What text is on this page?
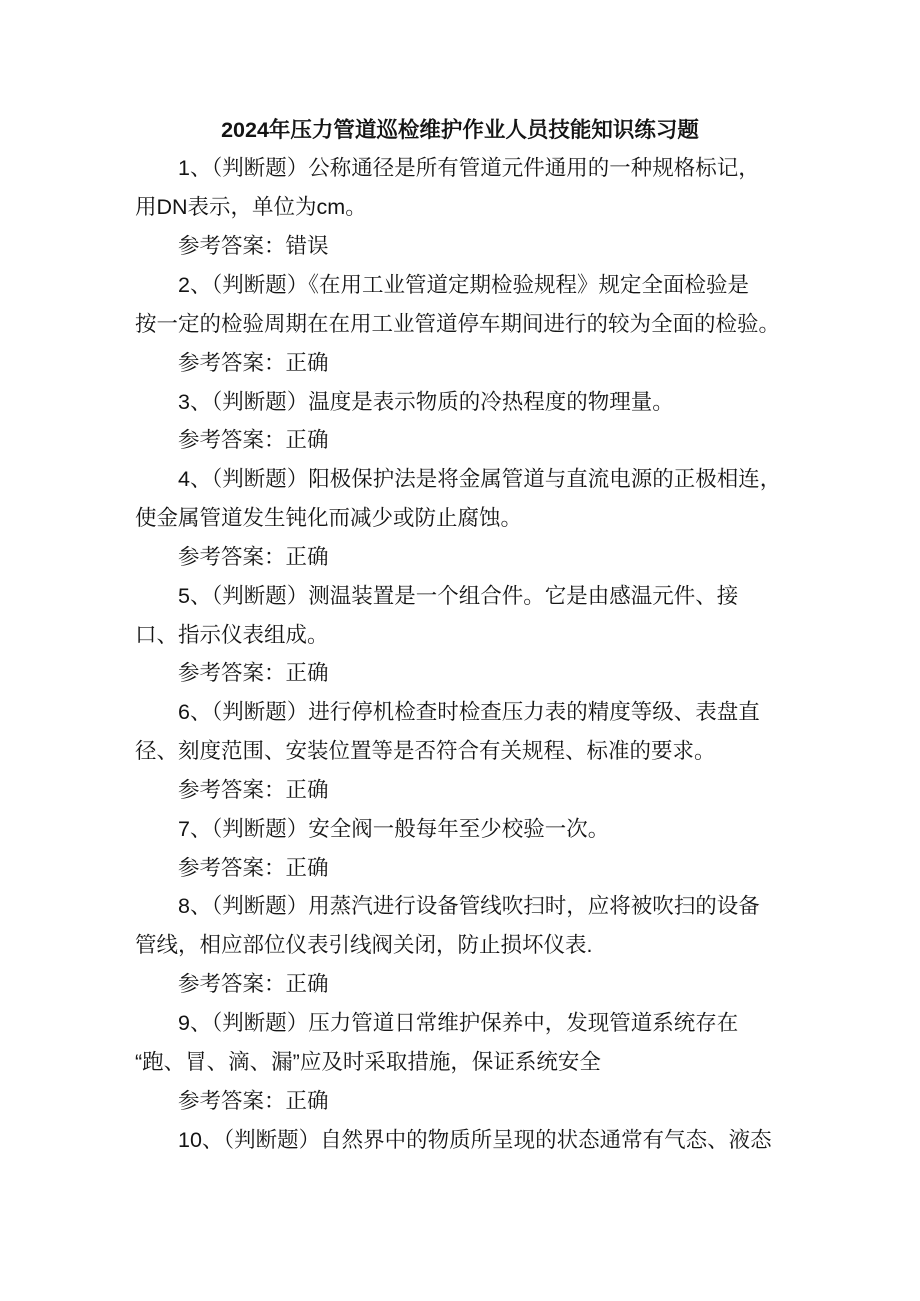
2024年压力管道巡检维护作业人员技能知识练习题
1、（判断题）公称通径是所有管道元件通用的一种规格标记，
用DN表示，单位为cm。
参考答案：错误
2、（判断题）《在用工业管道定期检验规程》规定全面检验是
按一定的检验周期在在用工业管道停车期间进行的较为全面的检验。
参考答案：正确
3、（判断题）温度是表示物质的冷热程度的物理量。
参考答案：正确
4、（判断题）阳极保护法是将金属管道与直流电源的正极相连，
使金属管道发生钝化而减少或防止腐蚀。
参考答案：正确
5、（判断题）测温装置是一个组合件。它是由感温元件、接
口、指示仪表组成。
参考答案：正确
6、（判断题）进行停机检查时检查压力表的精度等级、表盘直
径、刻度范围、安装位置等是否符合有关规程、标准的要求。
参考答案：正确
7、（判断题）安全阀一般每年至少校验一次。
参考答案：正确
8、（判断题）用蒸汽进行设备管线吹扫时，应将被吹扫的设备
管线，相应部位仪表引线阀关闭，防止损坏仪表.
参考答案：正确
9、（判断题）压力管道日常维护保养中，发现管道系统存在
“跑、冒、滴、漏”应及时采取措施，保证系统安全
参考答案：正确
10、（判断题）自然界中的物质所呈现的状态通常有气态、液态
